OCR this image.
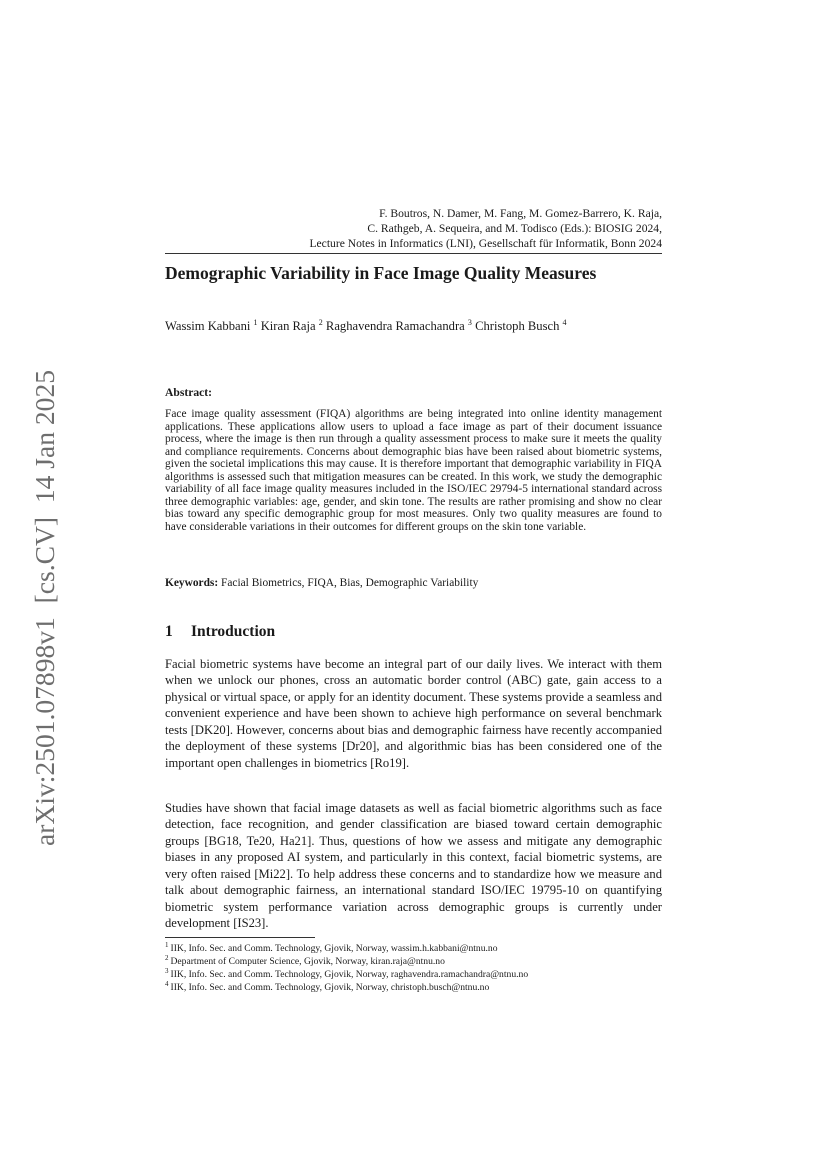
arXiv:2501.07898v1  [cs.CV]  14 Jan 2025
F. Boutros, N. Damer, M. Fang, M. Gomez-Barrero, K. Raja,
C. Rathgeb, A. Sequeira, and M. Todisco (Eds.): BIOSIG 2024,
Lecture Notes in Informatics (LNI), Gesellschaft für Informatik, Bonn 2024
Demographic Variability in Face Image Quality Measures
Wassim Kabbani $^1$ Kiran Raja $^2$ Raghavendra Ramachandra $^3$ Christoph Busch $^4$
Abstract:
Face image quality assessment (FIQA) algorithms are being integrated into online identity management applications. These applications allow users to upload a face image as part of their document issuance process, where the image is then run through a quality assessment process to make sure it meets the quality and compliance requirements. Concerns about demographic bias have been raised about biometric systems, given the societal implications this may cause. It is therefore important that demographic variability in FIQA algorithms is assessed such that mitigation measures can be created. In this work, we study the demographic variability of all face image quality measures included in the ISO/IEC 29794-5 international standard across three demographic variables: age, gender, and skin tone. The results are rather promising and show no clear bias toward any specific demographic group for most measures. Only two quality measures are found to have considerable variations in their outcomes for different groups on the skin tone variable.
Keywords: Facial Biometrics, FIQA, Bias, Demographic Variability
1 Introduction
Facial biometric systems have become an integral part of our daily lives. We interact with them when we unlock our phones, cross an automatic border control (ABC) gate, gain access to a physical or virtual space, or apply for an identity document. These systems provide a seamless and convenient experience and have been shown to achieve high performance on several benchmark tests [DK20]. However, concerns about bias and demographic fairness have recently accompanied the deployment of these systems [Dr20], and algorithmic bias has been considered one of the important open challenges in biometrics [Ro19].
Studies have shown that facial image datasets as well as facial biometric algorithms such as face detection, face recognition, and gender classification are biased toward certain demographic groups [BG18, Te20, Ha21]. Thus, questions of how we assess and mitigate any demographic biases in any proposed AI system, and particularly in this context, facial biometric systems, are very often raised [Mi22]. To help address these concerns and to standardize how we measure and talk about demographic fairness, an international standard ISO/IEC 19795-10 on quantifying biometric system performance variation across demographic groups is currently under development [IS23].
$^1$ IIK, Info. Sec. and Comm. Technology, Gjovik, Norway, wassim.h.kabbani@ntnu.no
$^2$ Department of Computer Science, Gjovik, Norway, kiran.raja@ntnu.no
$^3$ IIK, Info. Sec. and Comm. Technology, Gjovik, Norway, raghavendra.ramachandra@ntnu.no
$^4$ IIK, Info. Sec. and Comm. Technology, Gjovik, Norway, christoph.busch@ntnu.no
